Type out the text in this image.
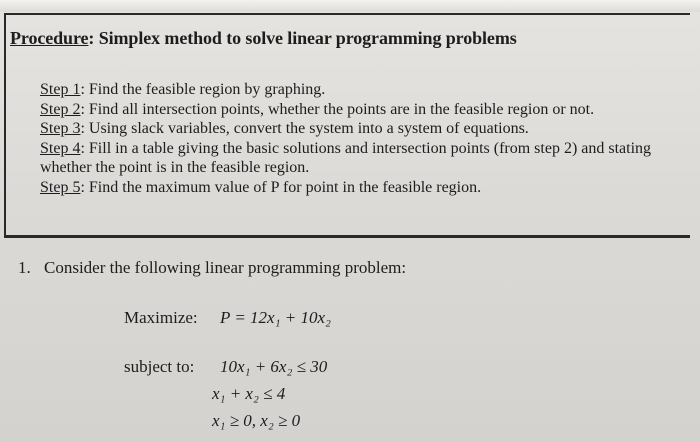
Procedure: Simplex method to solve linear programming problems
Step 1: Find the feasible region by graphing.
Step 2: Find all intersection points, whether the points are in the feasible region or not.
Step 3: Using slack variables, convert the system into a system of equations.
Step 4: Fill in a table giving the basic solutions and intersection points (from step 2) and stating whether the point is in the feasible region.
Step 5: Find the maximum value of P for point in the feasible region.

1. Consider the following linear programming problem:

Maximize: P = 12x₁ + 10x₂
subject to: 10x₁ + 6x₂ ≤ 30
x₁ + x₂ ≤ 4
x₁ ≥ 0, x₂ ≥ 0
